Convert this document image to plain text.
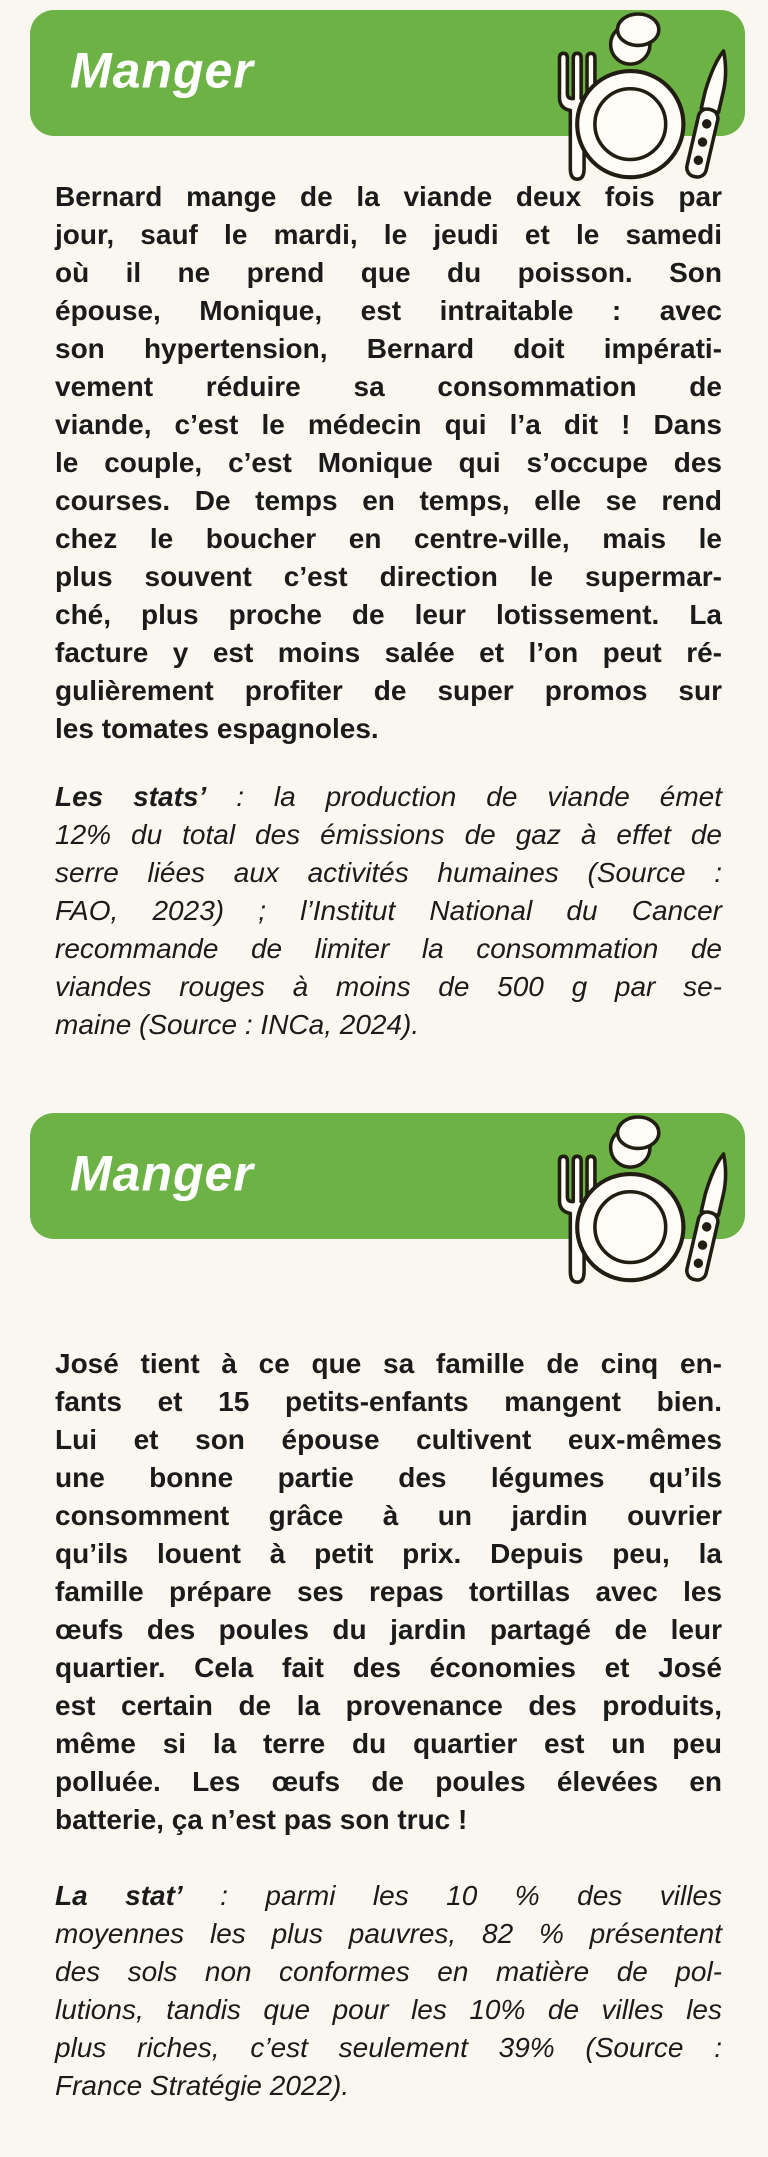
Manger
Bernard mange de la viande deux fois par
jour, sauf le mardi, le jeudi et le samedi
où il ne prend que du poisson. Son
épouse, Monique, est intraitable : avec
son hypertension, Bernard doit impérati-
vement réduire sa consommation de
viande, c’est le médecin qui l’a dit ! Dans
le couple, c’est Monique qui s’occupe des
courses. De temps en temps, elle se rend
chez le boucher en centre-ville, mais le
plus souvent c’est direction le supermar-
ché, plus proche de leur lotissement. La
facture y est moins salée et l’on peut ré-
gulièrement profiter de super promos sur
les tomates espagnoles.
Les stats’ : la production de viande émet
12% du total des émissions de gaz à effet de
serre liées aux activités humaines (Source :
FAO, 2023) ; l’Institut National du Cancer
recommande de limiter la consommation de
viandes rouges à moins de 500 g par se-
maine (Source : INCa, 2024).
Manger
José tient à ce que sa famille de cinq en-
fants et 15 petits-enfants mangent bien.
Lui et son épouse cultivent eux-mêmes
une bonne partie des légumes qu’ils
consomment grâce à un jardin ouvrier
qu’ils louent à petit prix. Depuis peu, la
famille prépare ses repas tortillas avec les
œufs des poules du jardin partagé de leur
quartier. Cela fait des économies et José
est certain de la provenance des produits,
même si la terre du quartier est un peu
polluée. Les œufs de poules élevées en
batterie, ça n’est pas son truc !
La stat’ : parmi les 10 % des villes
moyennes les plus pauvres, 82 % présentent
des sols non conformes en matière de pol-
lutions, tandis que pour les 10% de villes les
plus riches, c’est seulement 39% (Source :
France Stratégie 2022).
